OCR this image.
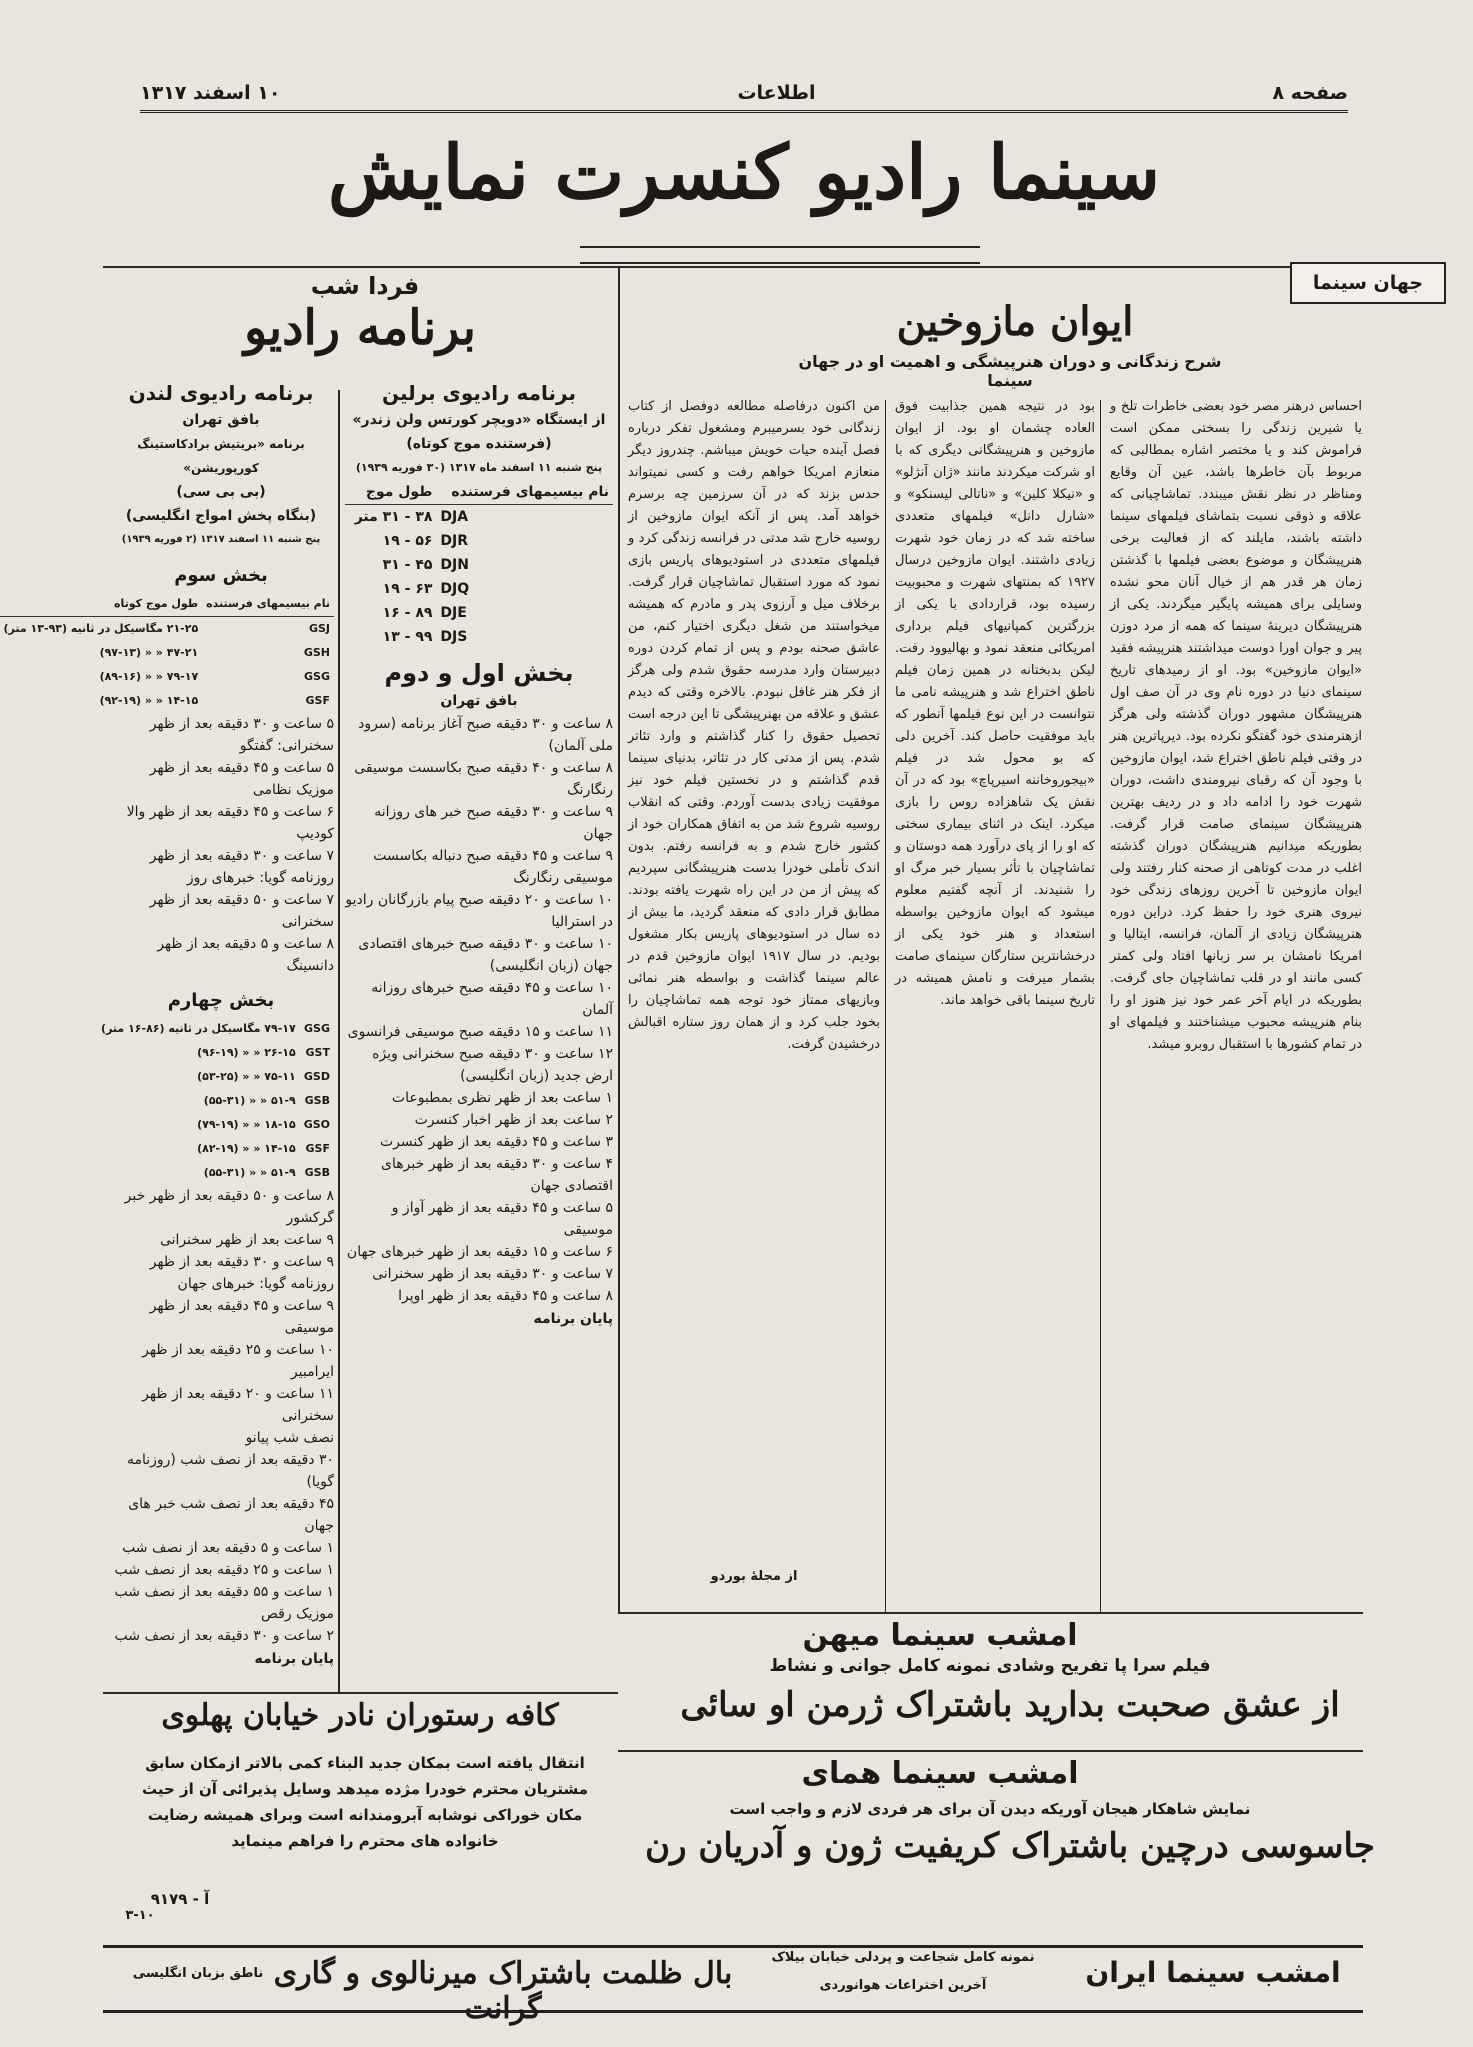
صفحه ۸
اطلاعات
۱۰ اسفند ۱۳۱۷
سینما رادیو کنسرت نمایش
جهان سینما
ایوان مازوخین
شرح زندگانی و دوران هنرپیشگی و اهمیت او در جهان سینما
احساس درهنر مصر خود بعضی خاطرات تلخ و یا شیرین زندگی را بسختی ممکن است فراموش کند و یا مختصر اشاره بمطالبی که مربوط بآن خاطرها باشد، عین آن وقایع ومناظر در نظر نقش میبندد. تماشاچیانی که علاقه و ذوقی نسبت بتماشای فیلمهای سینما داشته باشند، مایلند که از فعالیت برخی هنرپیشگان و موضوع بعضی فیلمها با گذشتن زمان هر قدر هم از خیال آنان محو نشده وسایلی برای همیشه پایگیر میگردند. یکی از هنرپیشگان دیرینهٔ سینما که همه از مرد دوزن پیر و جوان اورا دوست میداشتند هنرپیشه فقید «ایوان مازوخین» بود. او از رمیدهای تاریخ سینمای دنیا در دوره نام وی در آن صف اول هنرپیشگان مشهور دوران گذشته ولی هرگز ازهنرمندی خود گفتگو نکرده بود. دیرپاترین هنر در وقتی فیلم ناطق اختراع شد، ایوان مازوخین با وجود آن که رقبای نیرومندی داشت، دوران شهرت خود را ادامه داد و در ردیف بهترین هنرپیشگان سینمای صامت قرار گرفت. بطوریکه میدانیم هنرپیشگان دوران گذشته اغلب در مدت کوتاهی از صحنه کنار رفتند ولی ایوان مازوخین تا آخرین روزهای زندگی خود نیروی هنری خود را حفظ کرد. دراین دوره هنرپیشگان زیادی از آلمان، فرانسه، ایتالیا و امریکا نامشان بر سر زبانها افتاد ولی کمتر کسی مانند او در قلب تماشاچیان جای گرفت. بطوریکه در ایام آخر عمر خود نیز هنوز او را بنام هنرپیشه محبوب میشناختند و فیلمهای او در تمام کشورها با استقبال روبرو میشد.
بود در نتیجه همین جذابیت فوق العاده چشمان او بود. از ایوان مازوخین و هنرپیشگانی دیگری که با او شرکت میکردند مانند «ژان آنژلو» و «نیکلا کلین» و «ناتالی لیسنکو» و «شارل دانل» فیلمهای متعددی ساخته شد که در زمان خود شهرت زیادی داشتند. ایوان مازوخین درسال ۱۹۲۷ که بمنتهای شهرت و محبوبیت رسیده بود، قراردادی با یکی از بزرگترین کمپانیهای فیلم برداری امریکائی منعقد نمود و بهالیوود رفت. لیکن بدبختانه در همین زمان فیلم ناطق اختراع شد و هنرپیشه نامی ما نتوانست در این نوع فیلمها آنطور که باید موفقیت حاصل کند. آخرین دلی که بو محول شد در فیلم «بیجوروخاننه اسیرپاچ» بود که در آن نقش یک شاهزاده روس را بازی میکرد. اینک در اثنای بیماری سختی که او را از پای درآورد همه دوستان و تماشاچیان با تأثر بسیار خبر مرگ او را شنیدند. از آنچه گفتیم معلوم میشود که ایوان مازوخین بواسطه استعداد و هنر خود یکی از درخشانترین ستارگان سینمای صامت بشمار میرفت و نامش همیشه در تاریخ سینما باقی خواهد ماند.
من اکنون درفاصله مطالعه دوفصل از کتاب زندگانی خود بسرمیبرم ومشغول تفکر درباره فصل آینده حیات خویش میباشم. چندروز دیگر منعازم امریکا خواهم رفت و کسی نمیتواند حدس بزند که در آن سرزمین چه برسرم خواهد آمد. پس از آنکه ایوان مازوخین از روسیه خارج شد مدتی در فرانسه زندگی کرد و فیلمهای متعددی در استودیوهای پاریس بازی نمود که مورد استقبال تماشاچیان قرار گرفت. برخلاف میل و آرزوی پدر و مادرم که همیشه میخواستند من شغل دیگری اختیار کنم، من عاشق صحنه بودم و پس از تمام کردن دوره دبیرستان وارد مدرسه حقوق شدم ولی هرگز از فکر هنر غافل نبودم. بالاخره وقتی که دیدم عشق و علاقه من بهنرپیشگی تا این درجه است تحصیل حقوق را کنار گذاشتم و وارد تئاتر شدم. پس از مدتی کار در تئاتر، بدنیای سینما قدم گذاشتم و در نخستین فیلم خود نیز موفقیت زیادی بدست آوردم. وقتی که انقلاب روسیه شروع شد من به اتفاق همکاران خود از کشور خارج شدم و به فرانسه رفتم. بدون اندک تأملی خودرا بدست هنرپیشگانی سپردیم که پیش از من در این راه شهرت یافته بودند. مطابق قرار دادی که منعقد گردید، ما بیش از ده سال در استودیوهای پاریس بکار مشغول بودیم. در سال ۱۹۱۷ ایوان مازوخین قدم در عالم سینما گذاشت و بواسطه هنر نمائی وبازیهای ممتاز خود توجه همه تماشاچیان را بخود جلب کرد و از همان روز ستاره اقبالش درخشیدن گرفت.
از مجلهٔ بوردو
فردا شب
برنامه رادیو
برنامه رادیوی برلین
از ایستگاه «دویچر کورتس ولن زندر»
(فرستنده موج کوتاه)
پنج شنبه ۱۱ اسفند ماه ۱۳۱۷ (۳۰ فوریه ۱۹۳۹)
نام بیسیمهای فرستنده	طول موج
DJA	۳۸ - ۳۱ متر
DJR	۵۶ - ۱۹
DJN	۴۵ - ۳۱
DJQ	۶۳ - ۱۹
DJE	۸۹ - ۱۶
DJS	۹۹ - ۱۳
بخش اول و دوم
بافق تهران
۸ ساعت و ۳۰ دقیقه صبح آغاز برنامه (سرود ملی آلمان)
۸ ساعت و ۴۰ دقیقه صبح بکاسست موسیقی رنگارنگ
۹ ساعت و ۳۰ دقیقه صبح خبر های روزانه جهان
۹ ساعت و ۴۵ دقیقه صبح دنباله بکاسست موسیقی رنگارنگ
۱۰ ساعت و ۲۰ دقیقه صبح پیام بازرگانان رادیو در استرالیا
۱۰ ساعت و ۳۰ دقیقه صبح خبرهای اقتصادی جهان (زبان انگلیسی)
۱۰ ساعت و ۴۵ دقیقه صبح خبرهای روزانه آلمان
۱۱ ساعت و ۱۵ دقیقه صبح موسیقی فرانسوی
۱۲ ساعت و ۳۰ دقیقه صبح سخنرانی ویژه ارض جدید (زبان انگلیسی)
۱ ساعت بعد از ظهر نظری بمطبوعات
۲ ساعت بعد از ظهر اخبار کنسرت
۳ ساعت و ۴۵ دقیقه بعد از ظهر کنسرت
۴ ساعت و ۳۰ دقیقه بعد از ظهر خبرهای اقتصادی جهان
۵ ساعت و ۴۵ دقیقه بعد از ظهر آواز و موسیقی
۶ ساعت و ۱۵ دقیقه بعد از ظهر خبرهای جهان
۷ ساعت و ۳۰ دقیقه بعد از ظهر سخنرانی
۸ ساعت و ۴۵ دقیقه بعد از ظهر اوپرا
پایان برنامه
برنامه رادیوی لندن
بافق تهران
برنامه «بریتیش برادکاستینگ کورپوریشن»
(بی بی سی)
(بنگاه پخش امواج انگلیسی)
پنج شنبه ۱۱ اسفند ۱۳۱۷ (۲ فوریه ۱۹۳۹)
بخش سوم
نام بیسیمهای فرستنده	طول موج کوتاه
GSJ	۲۱-۲۵ مگاسیکل در ثانیه (۹۳-۱۳ متر)
GSH	۴۷-۲۱ « « (۹۷-۱۳)
GSG	۷۹-۱۷ « « (۸۹-۱۶)
GSF	۱۴-۱۵ « « (۹۲-۱۹)
۵ ساعت و ۳۰ دقیقه بعد از ظهر سخنرانی: گفتگو
۵ ساعت و ۴۵ دقیقه بعد از ظهر موزیک نظامی
۶ ساعت و ۴۵ دقیقه بعد از ظهر والا کودیپ
۷ ساعت و ۳۰ دقیقه بعد از ظهر روزنامه گویا: خبرهای روز
۷ ساعت و ۵۰ دقیقه بعد از ظهر سخنرانی
۸ ساعت و ۵ دقیقه بعد از ظهر دانسینگ
بخش چهارم
GSG	۷۹-۱۷ مگاسیکل در ثانیه (۸۶-۱۶ متر)
GST	۲۶-۱۵ « « (۹۶-۱۹)
GSD	۷۵-۱۱ « « (۵۳-۲۵)
GSB	۵۱-۹ « « (۵۵-۳۱)
GSO	۱۸-۱۵ « « (۷۹-۱۹)
GSF	۱۴-۱۵ « « (۸۲-۱۹)
GSB	۵۱-۹ « « (۵۵-۳۱)
۸ ساعت و ۵۰ دقیقه بعد از ظهر خبر گرکشور
۹ ساعت بعد از ظهر سخنرانی
۹ ساعت و ۳۰ دقیقه بعد از ظهر روزنامه گویا: خبرهای جهان
۹ ساعت و ۴۵ دقیقه بعد از ظهر موسیقی
۱۰ ساعت و ۲۵ دقیقه بعد از ظهر ایرامبیر
۱۱ ساعت و ۲۰ دقیقه بعد از ظهر سخنرانی
نصف شب پیانو
۳۰ دقیقه بعد از نصف شب (روزنامه گویا)
۴۵ دقیقه بعد از نصف شب خبر های جهان
۱ ساعت و ۵ دقیقه بعد از نصف شب
۱ ساعت و ۲۵ دقیقه بعد از نصف شب
۱ ساعت و ۵۵ دقیقه بعد از نصف شب موزیک رقص
۲ ساعت و ۳۰ دقیقه بعد از نصف شب
پایان برنامه
امشب سینما میهن
فیلم سرا پا تفریح وشادی نمونه کامل جوانی و نشاط
از عشق صحبت بدارید باشتراک ژرمن او سائی
امشب سینما همای
نمایش شاهکار هیجان آوریکه دیدن آن برای هر فردی لازم و واجب است
جاسوسی درچین باشتراک کریفیت ژون و آدریان رن
کافه رستوران نادر خیابان پهلوی
انتقال یافته است بمکان جدید البناء کمی بالاتر ازمکان سابق مشتریان محترم خودرا مژده میدهد وسایل پذیرائی آن از حیث مکان خوراکی نوشابه آبرومندانه است وبرای همیشه رضایت خانواده های محترم را فراهم مینماید
آ - ۹۱۷۹
۳-۱۰
امشب سینما ایران
نمونه کامل شجاعت و پردلی خیابان بیلاک
آخرین اختراعات هوانوردی
بال ظلمت باشتراک میرنالوی و گاری گرانت
ناطق بزبان انگلیسی
